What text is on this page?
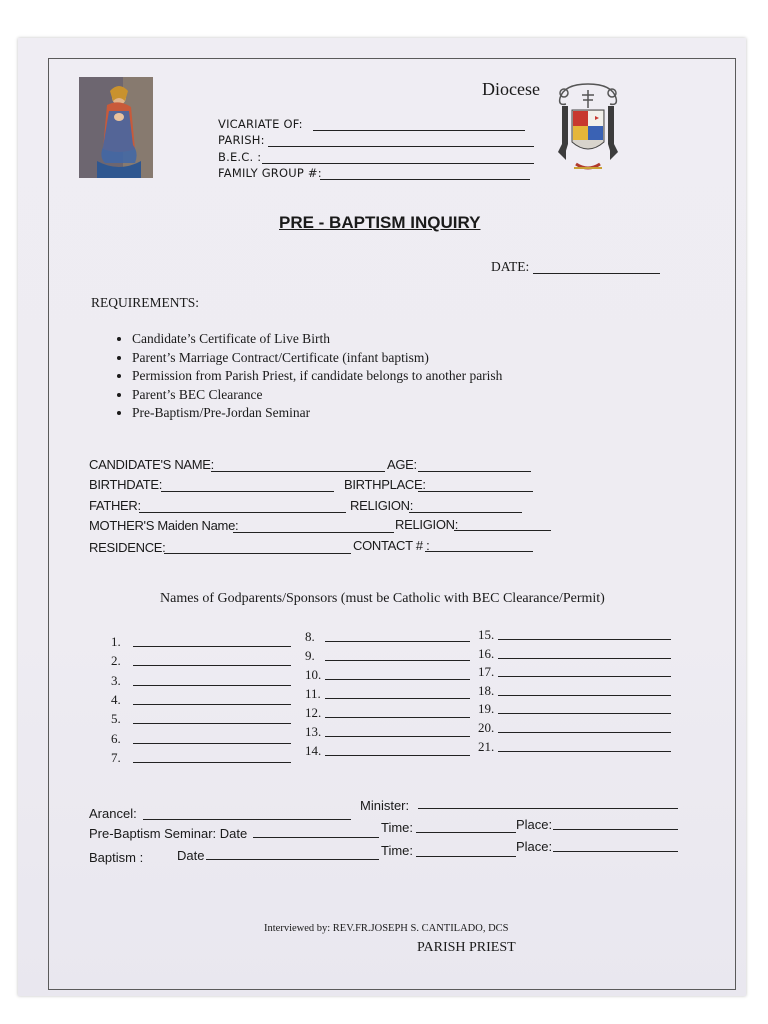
Diocese
VICARIATE OF:
PARISH:
B.E.C. :
FAMILY GROUP #:
PRE - BAPTISM INQUIRY
DATE:
REQUIREMENTS:
• Candidate’s Certificate of Live Birth
• Parent’s Marriage Contract/Certificate (infant baptism)
• Permission from Parish Priest, if candidate belongs to another parish
• Parent’s BEC Clearance
• Pre-Baptism/Pre-Jordan Seminar
CANDIDATE'S NAME:	AGE:
BIRTHDATE:	BIRTHPLACE:
FATHER:	RELIGION:
MOTHER'S Maiden Name:	RELIGION:
RESIDENCE:	CONTACT # :
Names of Godparents/Sponsors (must be Catholic with BEC Clearance/Permit)
1.
2.
3.
4.
5.
6.
7.
8.
9.
10.
11.
12.
13.
14.
15.
16.
17.
18.
19.
20.
21.
Arancel:
Minister:
Pre-Baptism Seminar: Date	Time:	Place:
Baptism :	Date	Time:	Place:
Interviewed by: REV.FR.JOSEPH S. CANTILADO, DCS
PARISH PRIEST
